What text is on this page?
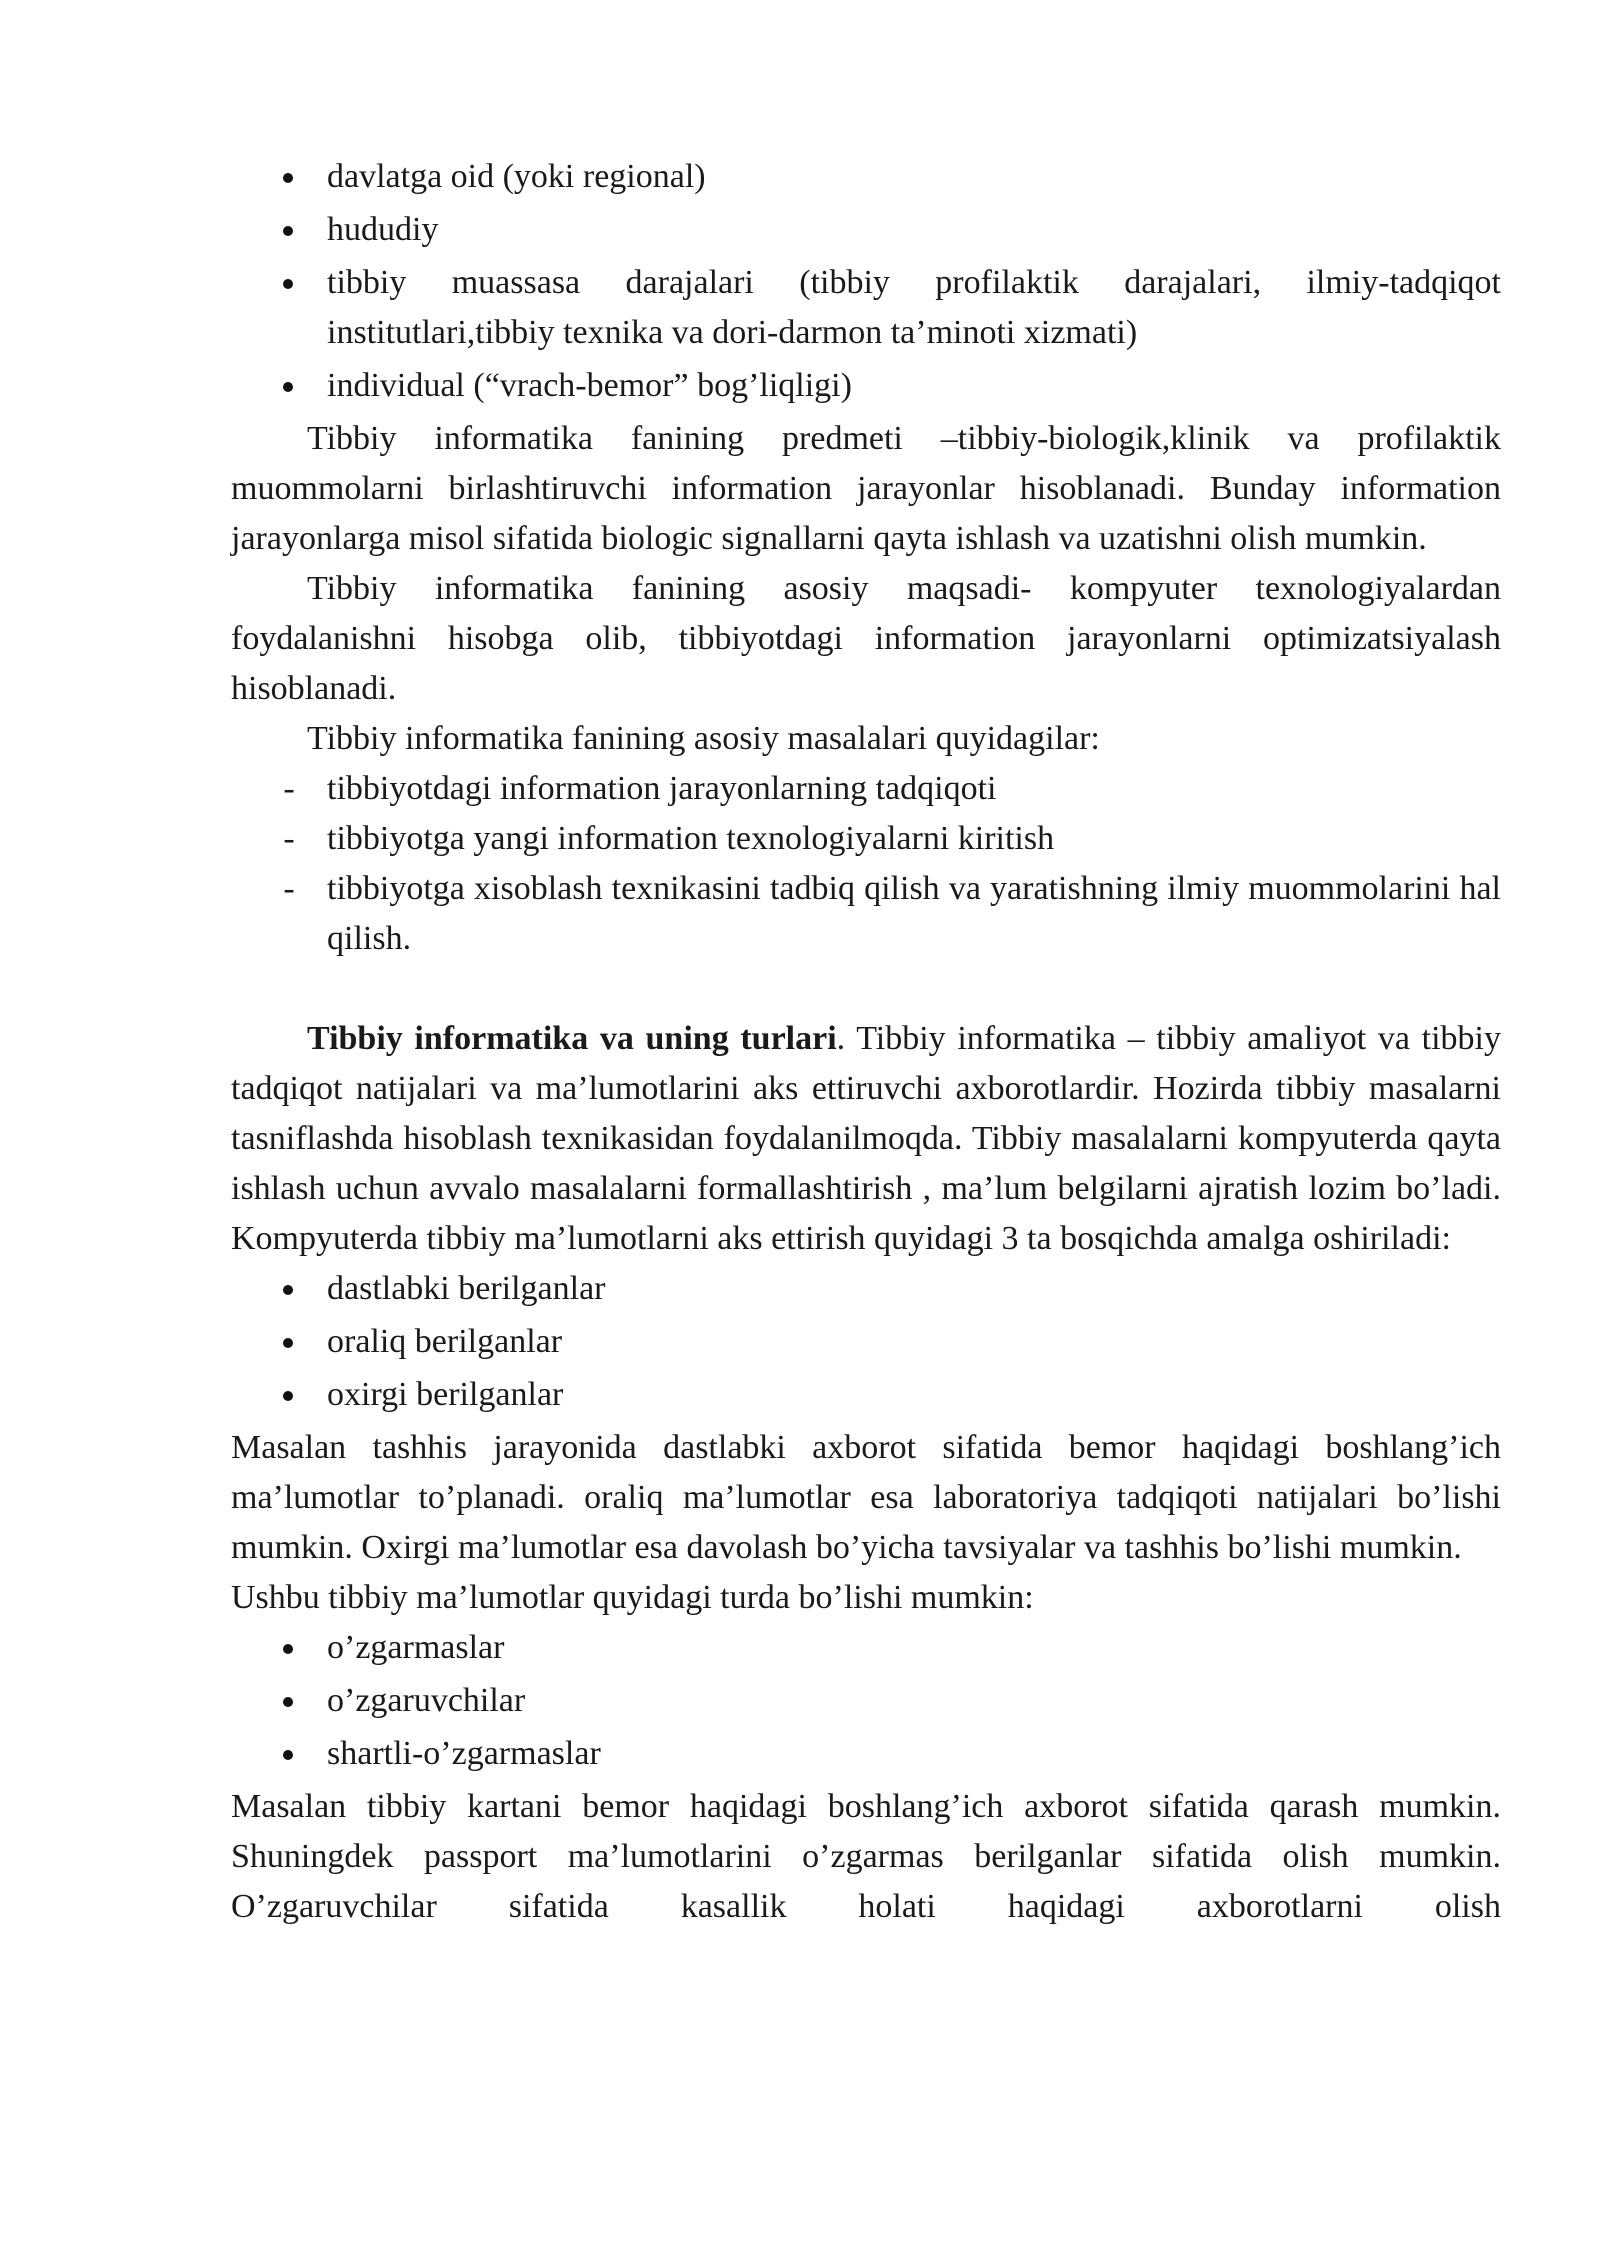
davlatga oid (yoki regional)
hududiy
tibbiy muassasa darajalari (tibbiy profilaktik darajalari, ilmiy-tadqiqot institutlari,tibbiy texnika va dori-darmon ta’minoti xizmati)
individual (“vrach-bemor” bog’liqligi)

Tibbiy informatika fanining predmeti –tibbiy-biologik,klinik va profilaktik muommolarni birlashtiruvchi information jarayonlar hisoblanadi. Bunday information jarayonlarga misol sifatida biologic signallarni qayta ishlash va uzatishni olish mumkin.

Tibbiy informatika fanining asosiy maqsadi- kompyuter texnologiyalardan foydalanishni hisobga olib, tibbiyotdagi information jarayonlarni optimizatsiyalash hisoblanadi.

Tibbiy informatika fanining asosiy masalalari quyidagilar:

- tibbiyotdagi information jarayonlarning tadqiqoti
- tibbiyotga yangi information texnologiyalarni kiritish
- tibbiyotga xisoblash texnikasini tadbiq qilish va yaratishning ilmiy muommolarini hal qilish.

Tibbiy informatika va uning turlari. Tibbiy informatika – tibbiy amaliyot va tibbiy tadqiqot natijalari va ma’lumotlarini aks ettiruvchi axborotlardir. Hozirda tibbiy masalarni tasniflashda hisoblash texnikasidan foydalanilmoqda. Tibbiy masalalarni kompyuterda qayta ishlash uchun avvalo masalalarni formallashtirish , ma’lum belgilarni ajratish lozim bo’ladi. Kompyuterda tibbiy ma’lumotlarni aks ettirish quyidagi 3 ta bosqichda amalga oshiriladi:

dastlabki berilganlar
oraliq berilganlar
oxirgi berilganlar

Masalan tashhis jarayonida dastlabki axborot sifatida bemor haqidagi boshlang’ich ma’lumotlar to’planadi. oraliq ma’lumotlar esa laboratoriya tadqiqoti natijalari bo’lishi mumkin. Oxirgi ma’lumotlar esa davolash bo’yicha tavsiyalar va tashhis bo’lishi mumkin.

Ushbu tibbiy ma’lumotlar quyidagi turda bo’lishi mumkin:

o’zgarmaslar
o’zgaruvchilar
shartli-o’zgarmaslar

Masalan tibbiy kartani bemor haqidagi boshlang’ich axborot sifatida qarash mumkin. Shuningdek passport ma’lumotlarini o’zgarmas berilganlar sifatida olish mumkin. O’zgaruvchilar sifatida kasallik holati haqidagi axborotlarni olish
